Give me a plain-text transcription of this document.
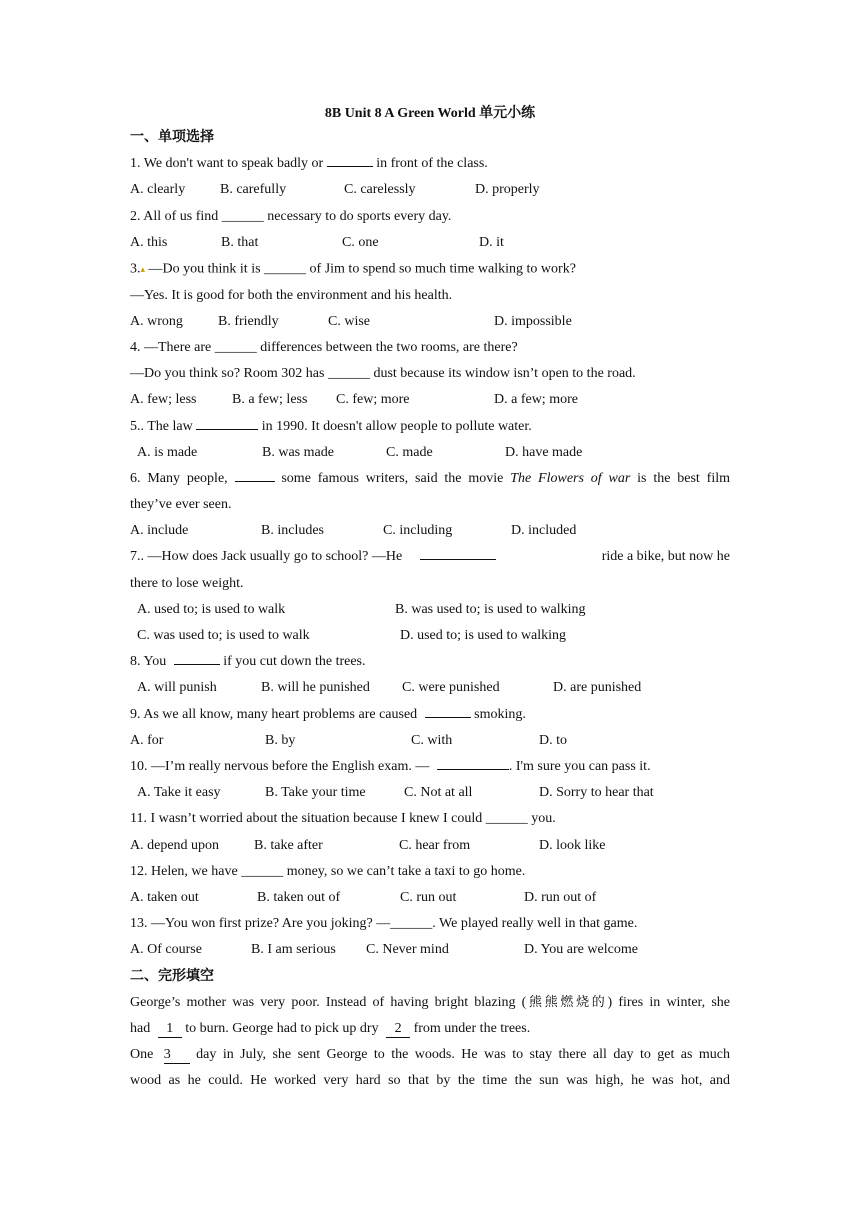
8B Unit 8 A Green World 单元小练
一、单项选择
1. We don't want to speak badly or	in front of the class.
A. clearly B. carefully	C. carelessly	D. properly
2. All of us find ______ necessary to do sports every day.
A. this	B. that	C. one	D. it
3.▴ —Do you think it is ______ of Jim to spend so much time walking to work?
—Yes. It is good for both the environment and his health.
A. wrong	B. friendly	C. wise	D. impossible
4. —There are ______ differences between the two rooms, are there?
—Do you think so? Room 302 has ______ dust because its window isn’t open to the road.
A. few; less	B. a few; less C. few; more	D. a few; more
5.. The law	in 1990. It doesn't allow people to pollute water.
A. is made	B. was made	C. made	D. have made
6. Many people,	some famous writers, said the movie The Flowers of war is the best film
they’ve ever seen.
A. include	B. includes	C. including	D. included
7.. —How does Jack usually go to school? —He	ride a bike, but now he
there to lose weight.
A. used to; is used to walk	B. was used to; is used to walking
C. was used to; is used to walk	D. used to; is used to walking
8. You	if you cut down the trees.
A. will punish	B. will he punished C. were punished	D. are punished
9. As we all know, many heart problems are caused	smoking.
A. for	B. by	C. with	D. to
10. —I’m really nervous before the English exam. —	. I'm sure you can pass it.
A. Take it easy	B. Take your time	C. Not at all	D. Sorry to hear that
11. I wasn’t worried about the situation because I knew I could ______ you.
A. depend upon B. take after	C. hear from	D. look like
12. Helen, we have ______ money, so we can’t take a taxi to go home.
A. taken out	B. taken out of	C. run out	D. run out of
13. —You won first prize? Are you joking? —______. We played really well in that game.
A. Of course	B. I am serious C. Never mind	D. You are welcome
二、完形填空
George’s mother was very poor. Instead of having bright blazing (熊熊燃烧的) fires in winter, she
had 1 to burn. George had to pick up dry 2 from under the trees.
One 3 day in July, she sent George to the woods. He was to stay there all day to get as much
wood as he could. He worked very hard so that by the time the sun was high, he was hot, and
